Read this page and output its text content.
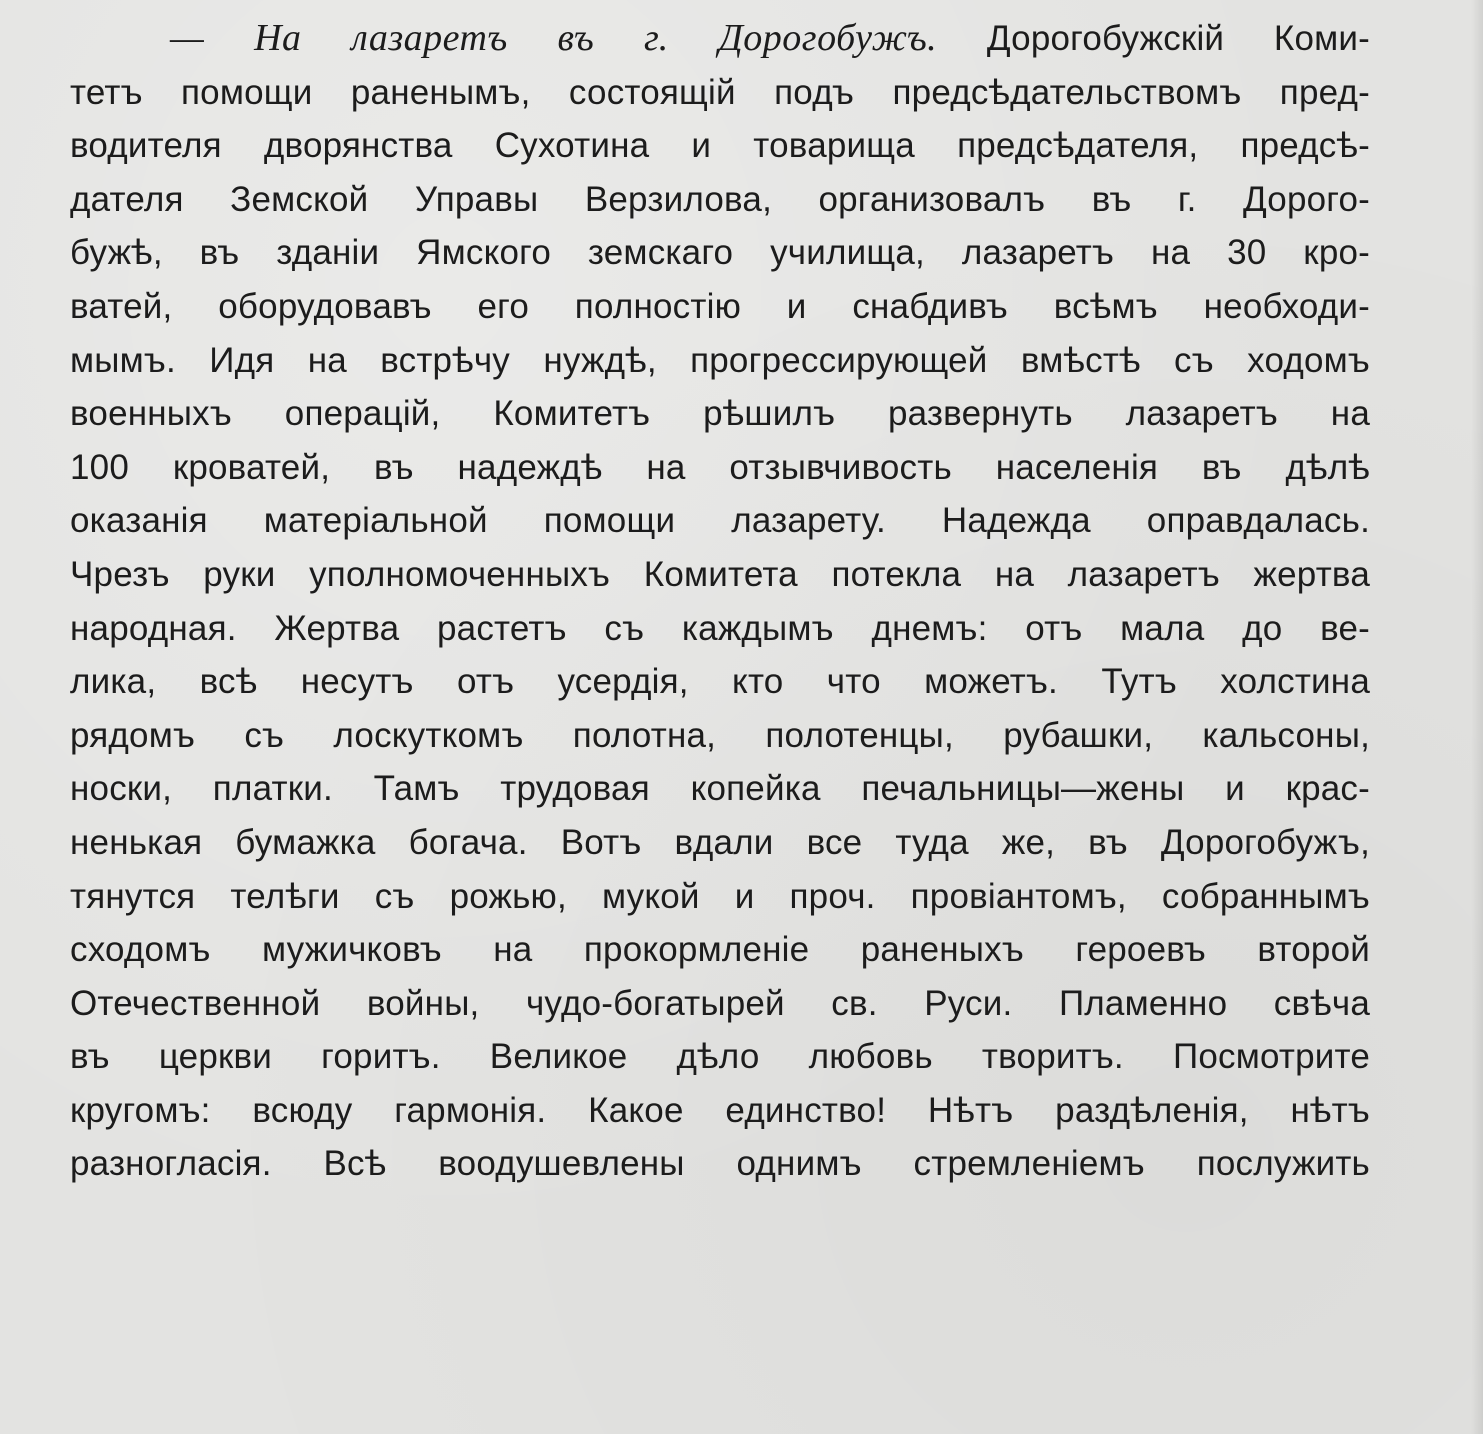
— На лазаретъ въ г. Дорогобужъ. Дорогобужскій Коми-
тетъ помощи раненымъ, состоящій подъ предсѣдательствомъ пред-
водителя дворянства Сухотина и товарища предсѣдателя, предсѣ-
дателя Земской Управы Верзилова, организовалъ въ г. Дорого-
бужѣ, въ зданіи Ямского земскаго училища, лазаретъ на 30 кро-
ватей, оборудовавъ его полностію и снабдивъ всѣмъ необходи-
мымъ. Идя на встрѣчу нуждѣ, прогрессирующей вмѣстѣ съ ходомъ
военныхъ операцій, Комитетъ рѣшилъ развернуть лазаретъ на
100 кроватей, въ надеждѣ на отзывчивость населенія въ дѣлѣ
оказанія матеріальной помощи лазарету. Надежда оправдалась.
Чрезъ руки уполномоченныхъ Комитета потекла на лазаретъ жертва
народная. Жертва растетъ съ каждымъ днемъ: отъ мала до ве-
лика, всѣ несутъ отъ усердія, кто что можетъ. Тутъ холстина
рядомъ съ лоскуткомъ полотна, полотенцы, рубашки, кальсоны,
носки, платки. Тамъ трудовая копейка печальницы—жены и крас-
ненькая бумажка богача. Вотъ вдали все туда же, въ Дорогобужъ,
тянутся телѣги съ рожью, мукой и проч. провіантомъ, собраннымъ
сходомъ мужичковъ на прокормленіе раненыхъ героевъ второй
Отечественной войны, чудо-богатырей св. Руси. Пламенно свѣча
въ церкви горитъ. Великое дѣло любовь творитъ. Посмотрите
кругомъ: всюду гармонія. Какое единство! Нѣтъ раздѣленія, нѣтъ
разногласія. Всѣ воодушевлены однимъ стремленіемъ послужить
